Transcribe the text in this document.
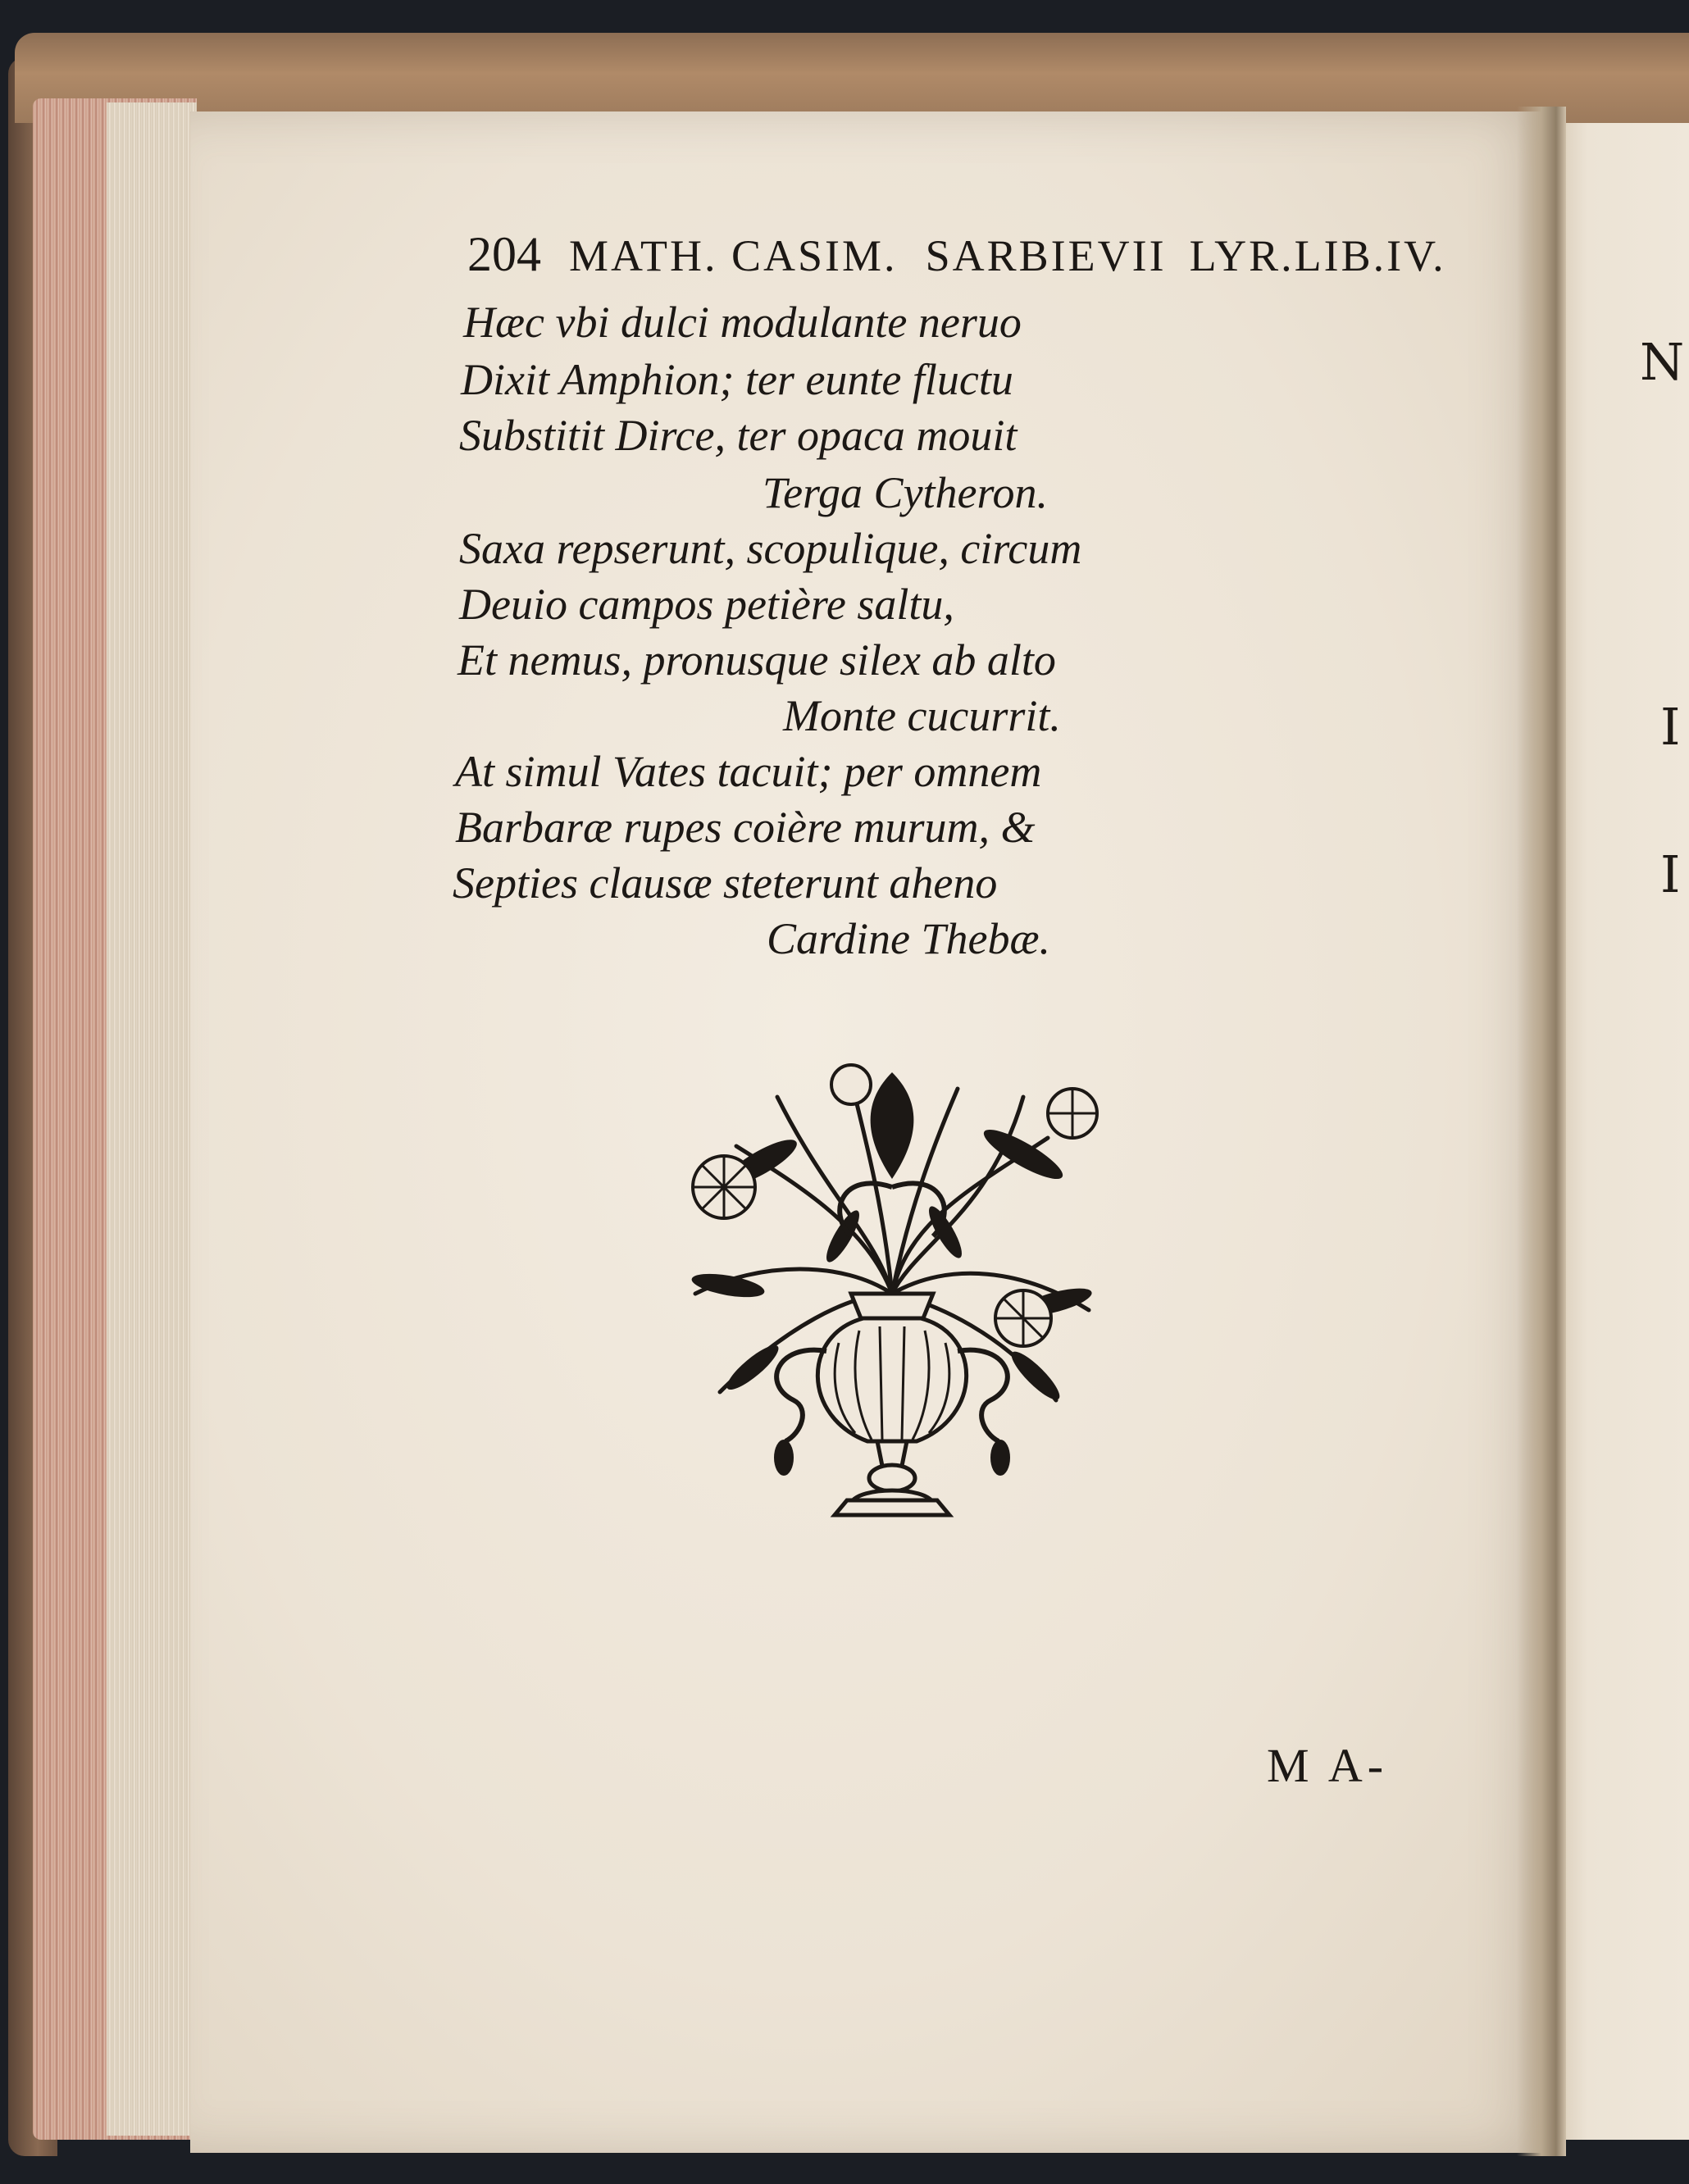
N
I
I
204 MATH. CASIM. SARBIEVII LYR.LIB.IV.
Hæc vbi dulci modulante neruo
Dixit Amphion; ter eunte fluctu
Substitit Dirce, ter opaca mouit
Terga Cytheron.
Saxa repserunt, scopulique, circum
Deuio campos petière saltu,
Et nemus, pronusque silex ab alto
Monte cucurrit.
At simul Vates tacuit; per omnem
Barbaræ rupes coière murum, &
Septies clausæ steterunt aheno
Cardine Thebæ.
M A-
